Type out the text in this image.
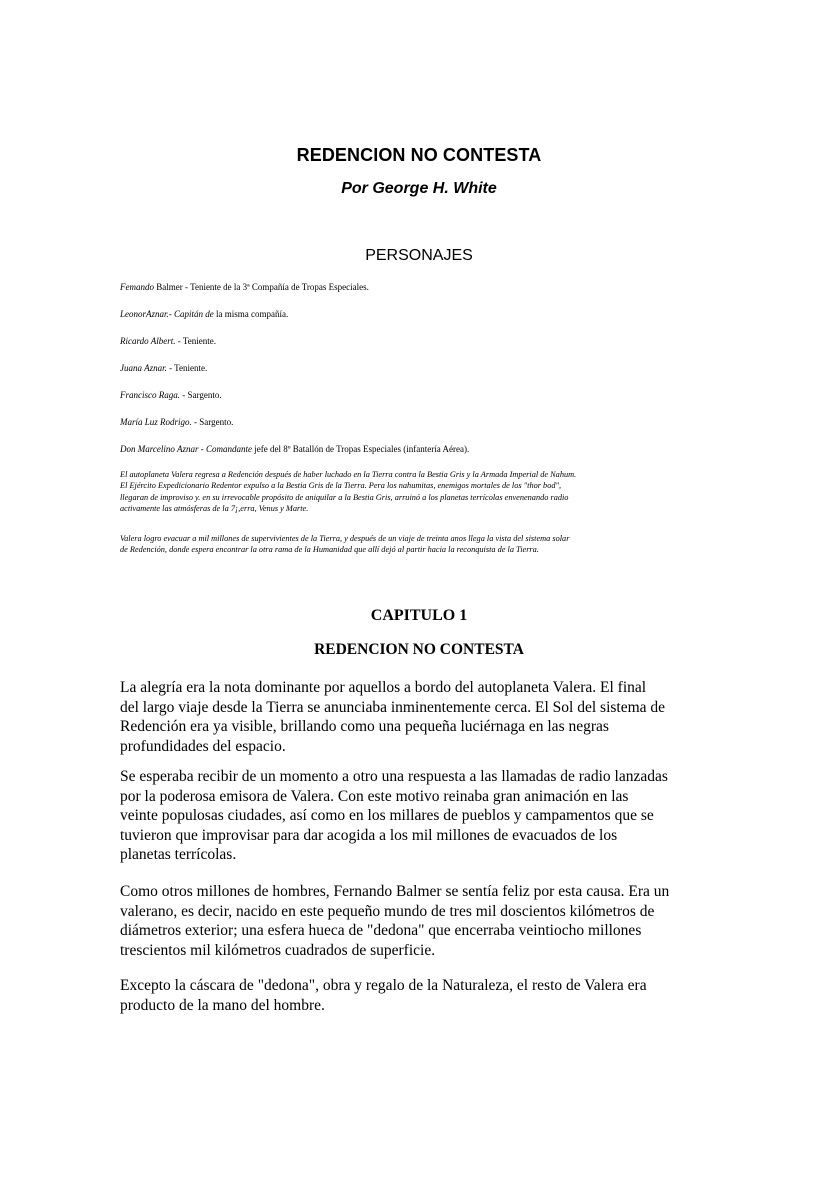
REDENCION NO CONTESTA
Por George H. White
PERSONAJES
Femando Balmer - Teniente de la 3ª Compañía de Tropas Especiales.
LeonorAznar.- Capitán de la misma compañía.
Ricardo Albert. - Teniente.
Juana Aznar. - Teniente.
Francisco Raga. - Sargento.
María Luz Rodrigo. - Sargento.
Don Marcelino Aznar - Comandante jefe del 8º Batallón de Tropas Especiales (infantería Aérea).
El autoplaneta Valera regresa a Redención después de haber luchado en la Tierra contra la Bestia Gris y la Armada Imperial de Nahum.
El Ejército Expedicionario Redentor expulso a la Bestia Gris de la Tierra. Pera los nahumitas, enemigos mortales de los "thor bod",
llegaran de improviso y. en su irrevocable propósito de aniquilar a la Bestia Gris, arruinó a los planetas terrícolas envenenando radio
activamente las atmósferas de la 7¡,erra, Venus y Marte.
Valera logro evacuar a mil millones de supervivientes de la Tierra, y después de un viaje de treinta anos llega la vista del sistema solar
de Redención, donde espera encontrar la otra rama de la Humanidad que allí dejó al partir hacia la reconquista de la Tierra.
CAPITULO 1
REDENCION NO CONTESTA
La alegría era la nota dominante por aquellos a bordo del autoplaneta Valera. El final
del largo viaje desde la Tierra se anunciaba inminentemente cerca. El Sol del sistema de
Redención era ya visible, brillando como una pequeña luciérnaga en las negras
profundidades del espacio.
Se esperaba recibir de un momento a otro una respuesta a las llamadas de radio lanzadas
por la poderosa emisora de Valera. Con este motivo reinaba gran animación en las
veinte populosas ciudades, así como en los millares de pueblos y campamentos que se
tuvieron que improvisar para dar acogida a los mil millones de evacuados de los
planetas terrícolas.
Como otros millones de hombres, Fernando Balmer se sentía feliz por esta causa. Era un
valerano, es decir, nacido en este pequeño mundo de tres mil doscientos kilómetros de
diámetros exterior; una esfera hueca de "dedona" que encerraba veintiocho millones
trescientos mil kilómetros cuadrados de superficie.
Excepto la cáscara de "dedona", obra y regalo de la Naturaleza, el resto de Valera era
producto de la mano del hombre.
